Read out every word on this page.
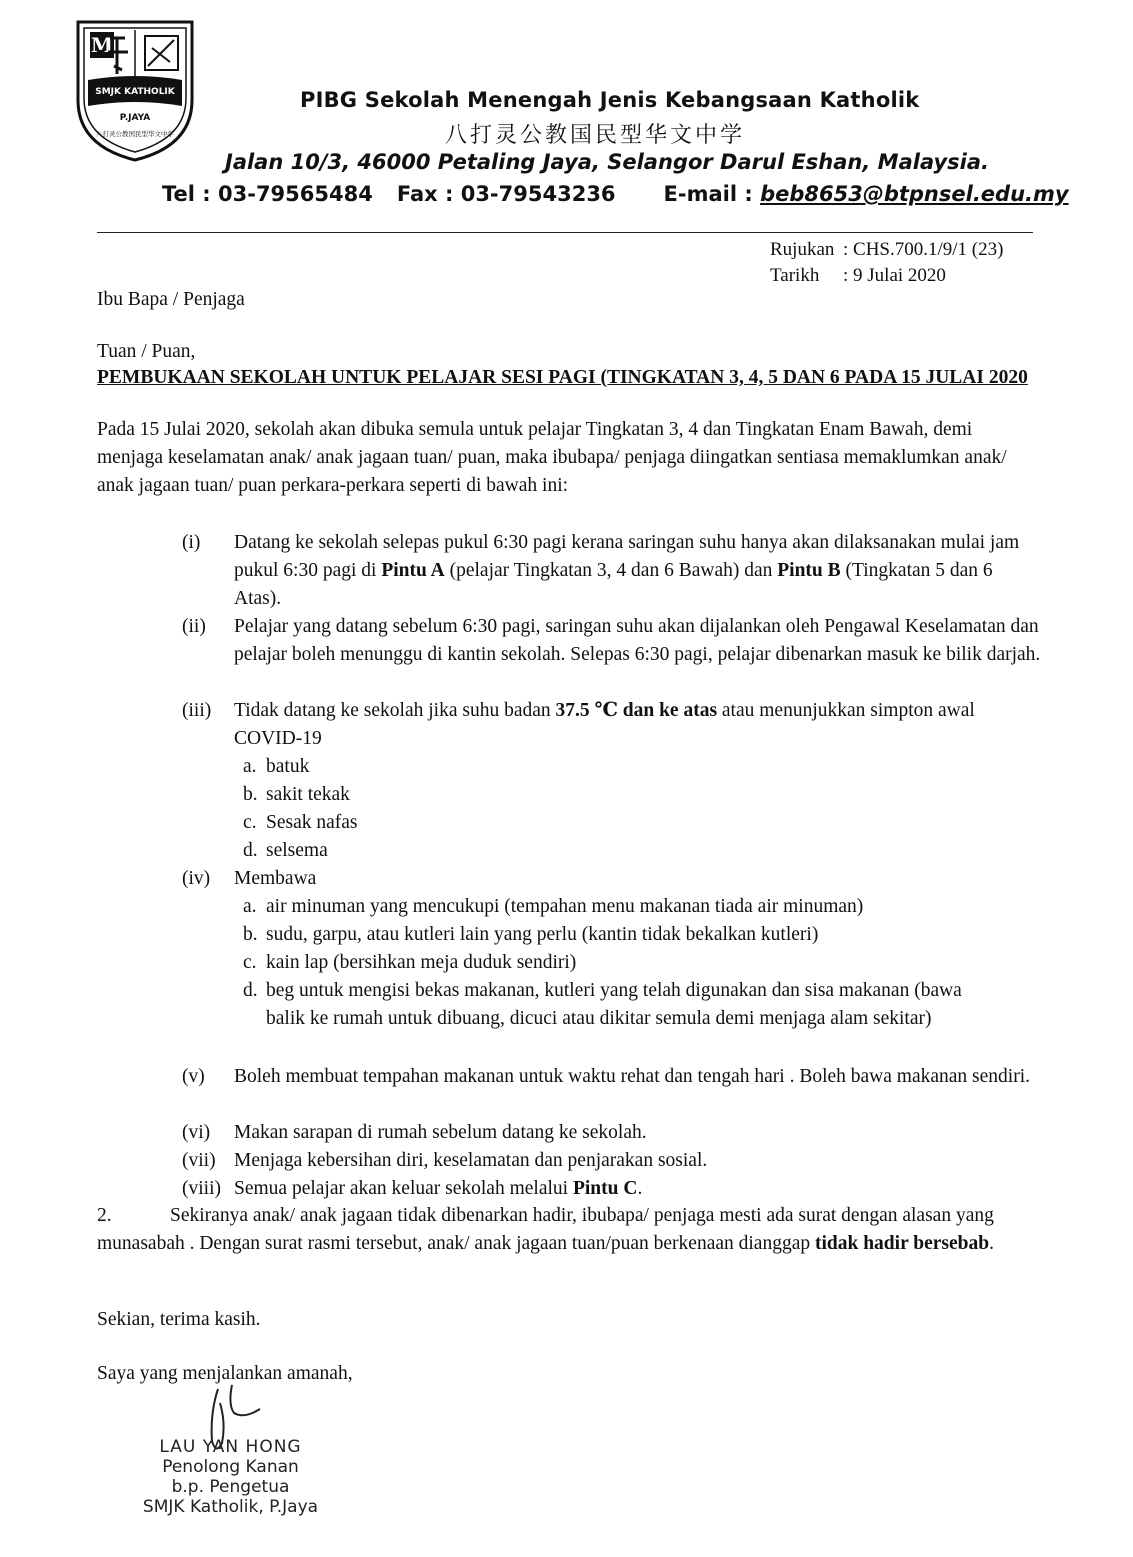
M
SMJK KATHOLIK
P.JAYA
八打灵公教国民型华文中学
PIBG Sekolah Menengah Jenis Kebangsaan Katholik
八打灵公教国民型华文中学
Jalan 10/3, 46000 Petaling Jaya, Selangor Darul Eshan, Malaysia.
Tel : 03-79565484 Fax : 03-79543236 E-mail : beb8653@btpnsel.edu.my
Rujukan : CHS.700.1/9/1 (23)
Tarikh : 9 Julai 2020
Ibu Bapa / Penjaga
Tuan / Puan,
PEMBUKAAN SEKOLAH UNTUK PELAJAR SESI PAGI (TINGKATAN 3, 4, 5 DAN 6 PADA 15 JULAI 2020
Pada 15 Julai 2020, sekolah akan dibuka semula untuk pelajar Tingkatan 3, 4 dan Tingkatan Enam Bawah, demi menjaga keselamatan anak/ anak jagaan tuan/ puan, maka ibubapa/ penjaga diingatkan sentiasa memaklumkan anak/ anak jagaan tuan/ puan perkara-perkara seperti di bawah ini:
(i)	Datang ke sekolah selepas pukul 6:30 pagi kerana saringan suhu hanya akan dilaksanakan mulai jam pukul 6:30 pagi di Pintu A (pelajar Tingkatan 3, 4 dan 6 Bawah) dan Pintu B (Tingkatan 5 dan 6 Atas).
(ii)	Pelajar yang datang sebelum 6:30 pagi, saringan suhu akan dijalankan oleh Pengawal Keselamatan dan pelajar boleh menunggu di kantin sekolah. Selepas 6:30 pagi, pelajar dibenarkan masuk ke bilik darjah.
(iii)	Tidak datang ke sekolah jika suhu badan 37.5 ℃ dan ke atas atau menunjukkan simpton awal COVID-19
a. batuk
b. sakit tekak
c. Sesak nafas
d. selsema
(iv)	Membawa
a. air minuman yang mencukupi (tempahan menu makanan tiada air minuman)
b. sudu, garpu, atau kutleri lain yang perlu (kantin tidak bekalkan kutleri)
c. kain lap (bersihkan meja duduk sendiri)
d. beg untuk mengisi bekas makanan, kutleri yang telah digunakan dan sisa makanan (bawa balik ke rumah untuk dibuang, dicuci atau dikitar semula demi menjaga alam sekitar)
(v)	Boleh membuat tempahan makanan untuk waktu rehat dan tengah hari . Boleh bawa makanan sendiri.
(vi)	Makan sarapan di rumah sebelum datang ke sekolah.
(vii) Menjaga kebersihan diri, keselamatan dan penjarakan sosial.
(viii) Semua pelajar akan keluar sekolah melalui Pintu C.
2.	Sekiranya anak/ anak jagaan tidak dibenarkan hadir, ibubapa/ penjaga mesti ada surat dengan alasan yang munasabah . Dengan surat rasmi tersebut, anak/ anak jagaan tuan/puan berkenaan dianggap tidak hadir bersebab.
Sekian, terima kasih.
Saya yang menjalankan amanah,
LAU YAN HONG
Penolong Kanan
b.p. Pengetua
SMJK Katholik, P.Jaya
